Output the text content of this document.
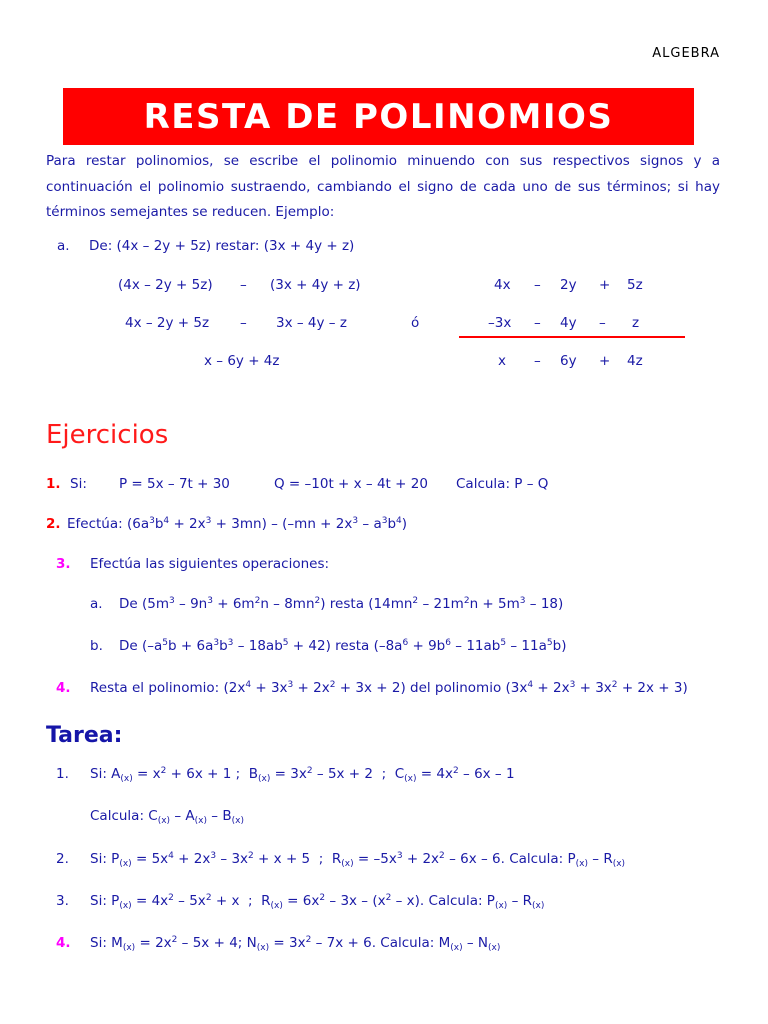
ALGEBRA
RESTA DE POLINOMIOS
Para restar polinomios, se escribe el polinomio minuendo con sus respectivos signos y a continuación el polinomio sustraendo, cambiando el signo de cada uno de sus términos; si hay términos semejantes se reducen. Ejemplo:
a. De: (4x – 2y + 5z) restar: (3x + 4y + z)
(4x – 2y + 5z) – (3x + 4y + z)
4x – 2y + 5z – 3x – 4y – z	ó
x – 6y + 4z
4x – 2y + 5z
–3x – 4y – z
x – 6y + 4z
Ejercicios
1. Si: P = 5x – 7t + 30	Q = –10t + x – 4t + 20 Calcula: P – Q
2. Efectúa: $(6a^3b^4 + 2x^3 + 3mn) - (-mn + 2x^3 - a^3b^4)$
3. Efectúa las siguientes operaciones:
a. De $(5m^3 - 9n^3 + 6m^2n - 8mn^2)$ resta $(14mn^2 - 21m^2n + 5m^3 - 18)$
b. De $(-a^5b + 6a^3b^3 - 18ab^5 + 42)$ resta $(-8a^6 + 9b^6 - 11ab^5 - 11a^5b)$
4. Resta el polinomio: $(2x^4 + 3x^3 + 2x^2 + 3x + 2)$ del polinomio $(3x^4 + 2x^3 + 3x^2 + 2x + 3)$
Tarea:
1. Si: $A_{(x)} = x^2 + 6x + 1$ ;  $B_{(x)} = 3x^2 - 5x + 2$  ;  $C_{(x)} = 4x^2 - 6x - 1$
Calcula: $C_{(x)} - A_{(x)} - B_{(x)}$
2. Si: $P_{(x)} = 5x^4 + 2x^3 - 3x^2 + x + 5$  ;  $R_{(x)} = -5x^3 + 2x^2 - 6x - 6$. Calcula: $P_{(x)} - R_{(x)}$
3. Si: $P_{(x)} = 4x^2 - 5x^2 + x$  ;  $R_{(x)} = 6x^2 - 3x - (x^2 - x)$. Calcula: $P_{(x)} - R_{(x)}$
4. Si: $M_{(x)} = 2x^2 - 5x + 4$; $N_{(x)} = 3x^2 - 7x + 6$. Calcula: $M_{(x)} - N_{(x)}$
